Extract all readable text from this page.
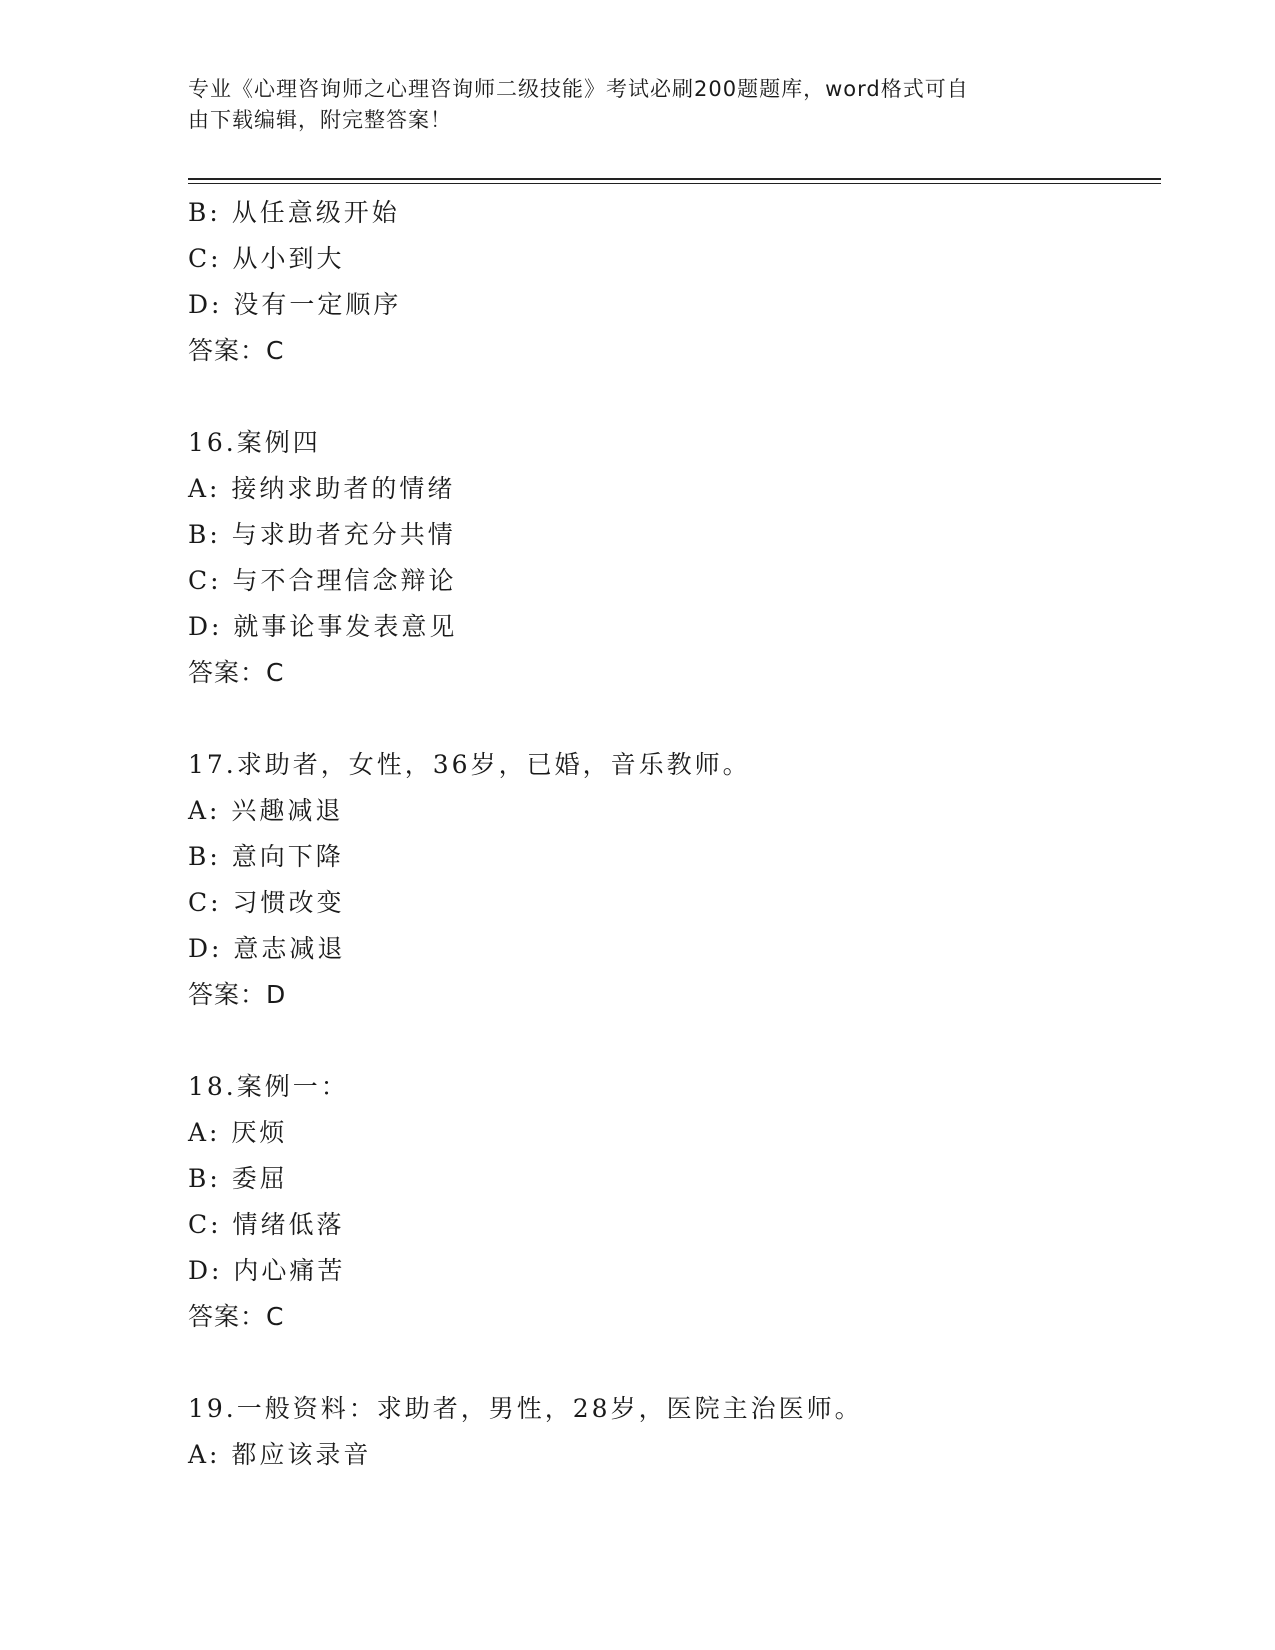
专业《心理咨询师之心理咨询师二级技能》考试必刷200题题库，word格式可自
由下载编辑，附完整答案！
B: 从任意级开始
C: 从小到大
D: 没有一定顺序
答案：C
16.案例四
A: 接纳求助者的情绪
B: 与求助者充分共情
C: 与不合理信念辩论
D: 就事论事发表意见
答案：C
17.求助者，女性，36岁，已婚，音乐教师。
A: 兴趣减退
B: 意向下降
C: 习惯改变
D: 意志减退
答案：D
18.案例一：
A: 厌烦
B: 委屈
C: 情绪低落
D: 内心痛苦
答案：C
19.一般资料：求助者，男性，28岁，医院主治医师。
A: 都应该录音
